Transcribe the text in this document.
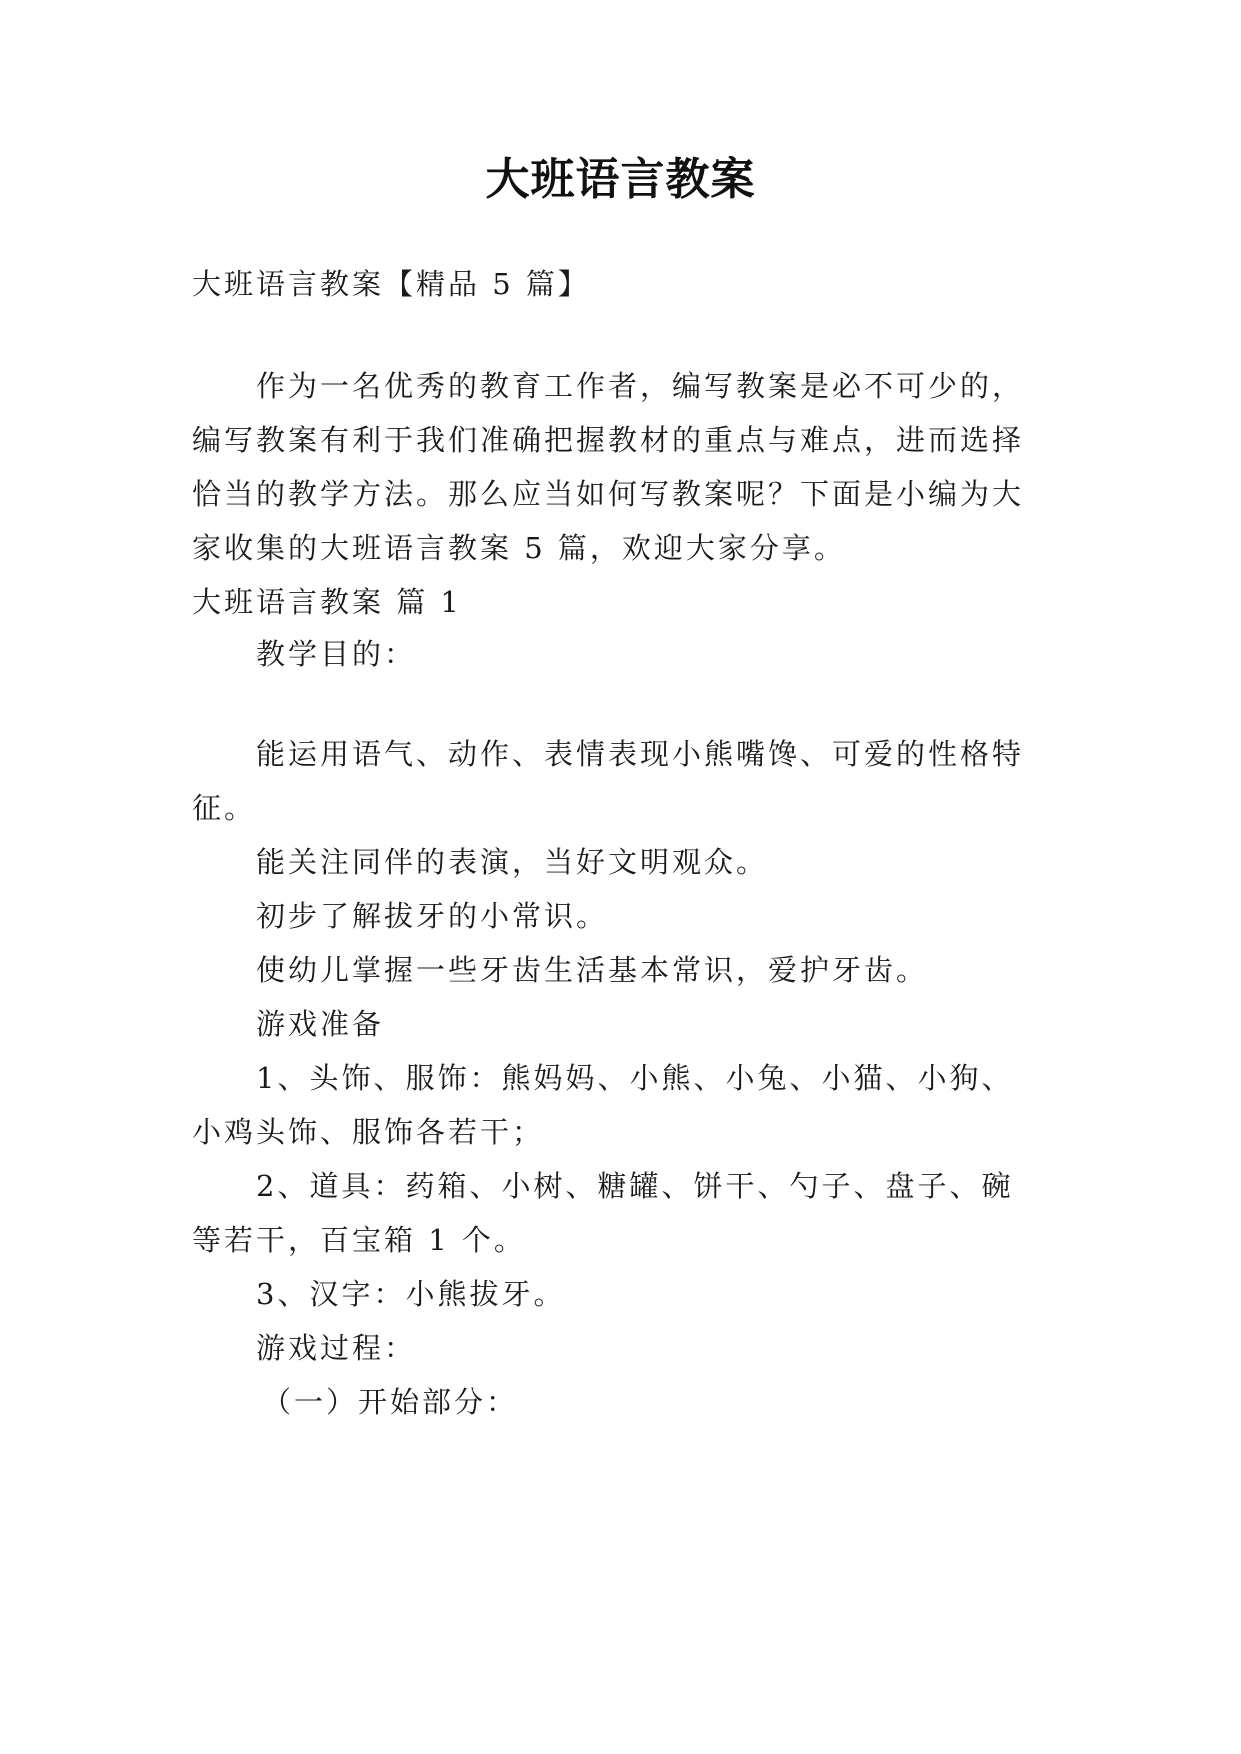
大班语言教案
大班语言教案【精品 5 篇】
作为一名优秀的教育工作者，编写教案是必不可少的，
编写教案有利于我们准确把握教材的重点与难点，进而选择
恰当的教学方法。那么应当如何写教案呢？下面是小编为大
家收集的大班语言教案 5 篇，欢迎大家分享。
大班语言教案 篇 1
教学目的：
能运用语气、动作、表情表现小熊嘴馋、可爱的性格特
征。
能关注同伴的表演，当好文明观众。
初步了解拔牙的小常识。
使幼儿掌握一些牙齿生活基本常识，爱护牙齿。
游戏准备
1、头饰、服饰：熊妈妈、小熊、小兔、小猫、小狗、
小鸡头饰、服饰各若干；
2、道具：药箱、小树、糖罐、饼干、勺子、盘子、碗
等若干，百宝箱 1 个。
3、汉字：小熊拔牙。
游戏过程：
（一）开始部分：
